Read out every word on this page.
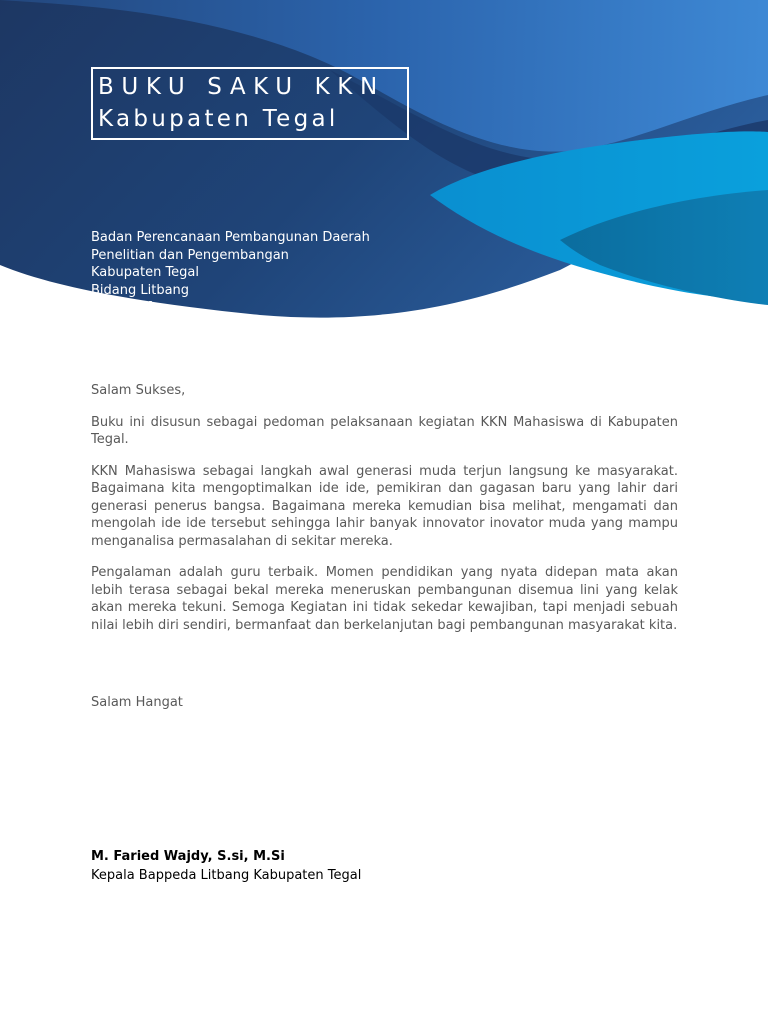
BUKU SAKU KKN
Kabupaten Tegal
Badan Perencanaan Pembangunan Daerah
Penelitian dan Pengembangan
Kabupaten Tegal
Bidang Litbang
[Website]

Salam Sukses,

Buku ini disusun sebagai pedoman pelaksanaan kegiatan KKN Mahasiswa di Kabupaten Tegal.

KKN Mahasiswa sebagai langkah awal generasi muda terjun langsung ke masyarakat. Bagaimana kita mengoptimalkan ide ide, pemikiran dan gagasan baru yang lahir dari generasi penerus bangsa. Bagaimana mereka kemudian bisa melihat, mengamati dan mengolah ide ide tersebut sehingga lahir banyak innovator inovator muda yang mampu menganalisa permasalahan di sekitar mereka.

Pengalaman adalah guru terbaik. Momen pendidikan yang nyata didepan mata akan lebih terasa sebagai bekal mereka meneruskan pembangunan disemua lini yang kelak akan mereka tekuni. Semoga Kegiatan ini tidak sekedar kewajiban, tapi menjadi sebuah nilai lebih diri sendiri, bermanfaat dan berkelanjutan bagi pembangunan masyarakat kita.

Salam Hangat
M. Faried Wajdy, S.si, M.Si
Kepala Bappeda Litbang Kabupaten Tegal
